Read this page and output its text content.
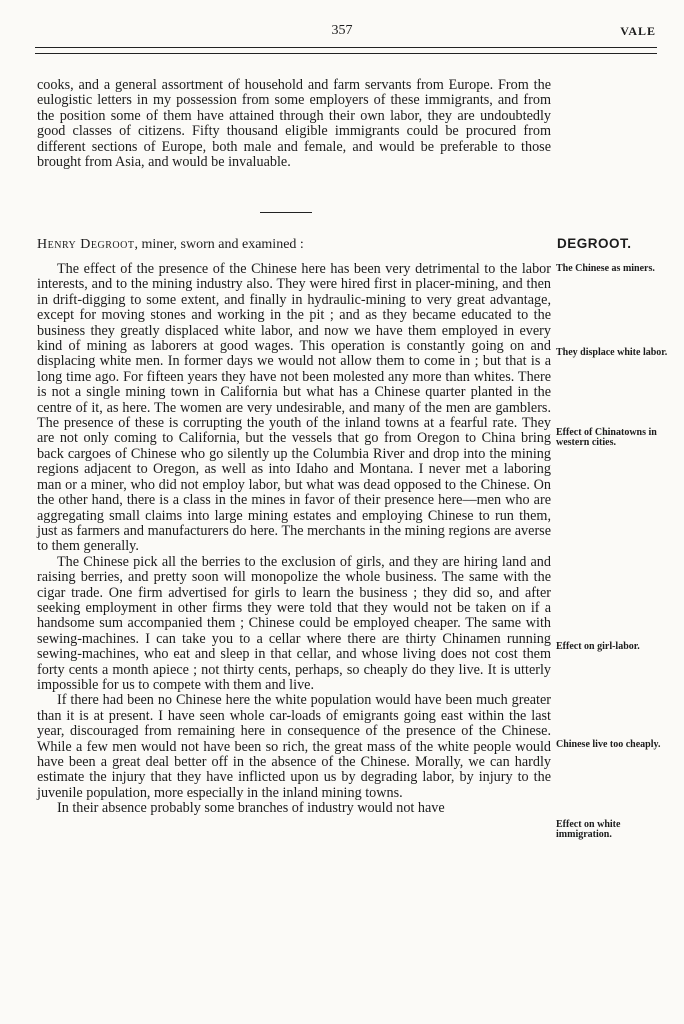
357	VALE

cooks, and a general assortment of household and farm servants from Europe. From the eulogistic letters in my possession from some employers of these immigrants, and from the position some of them have attained through their own labor, they are undoubtedly good classes of citizens. Fifty thousand eligible immigrants could be procured from different sections of Europe, both male and female, and would be preferable to those brought from Asia, and would be invaluable.

Henry Degroot, miner, sworn and examined :	DEGROOT.

The effect of the presence of the Chinese here has been very detrimental to the labor interests, and to the mining industry also. They were hired first in placer-mining, and then in drift-digging to some extent, and finally in hydraulic-mining to very great advantage, except for moving stones and working in the pit ; and as they became educated to the business they greatly displaced white labor, and now we have them employed in every kind of mining as laborers at good wages. This operation is constantly going on and displacing white men. In former days we would not allow them to come in ; but that is a long time ago. For fifteen years they have not been molested any more than whites. There is not a single mining town in California but what has a Chinese quarter planted in the centre of it, as here. The women are very undesirable, and many of the men are gamblers. The presence of these is corrupting the youth of the inland towns at a fearful rate. They are not only coming to California, but the vessels that go from Oregon to China bring back cargoes of Chinese who go silently up the Columbia River and drop into the mining regions adjacent to Oregon, as well as into Idaho and Montana. I never met a laboring man or a miner, who did not employ labor, but what was dead opposed to the Chinese. On the other hand, there is a class in the mines in favor of their presence here—men who are aggregating small claims into large mining estates and employing Chinese to run them, just as farmers and manufacturers do here. The merchants in the mining regions are averse to them generally.

The Chinese pick all the berries to the exclusion of girls, and they are hiring land and raising berries, and pretty soon will monopolize the whole business. The same with the cigar trade. One firm advertised for girls to learn the business ; they did so, and after seeking employment in other firms they were told that they would not be taken on if a handsome sum accompanied them ; Chinese could be employed cheaper. The same with sewing-machines. I can take you to a cellar where there are thirty Chinamen running sewing-machines, who eat and sleep in that cellar, and whose living does not cost them forty cents a month apiece ; not thirty cents, perhaps, so cheaply do they live. It is utterly impossible for us to compete with them and live.

If there had been no Chinese here the white population would have been much greater than it is at present. I have seen whole car-loads of emigrants going east within the last year, discouraged from remaining here in consequence of the presence of the Chinese. While a few men would not have been so rich, the great mass of the white people would have been a great deal better off in the absence of the Chinese. Morally, we can hardly estimate the injury that they have inflicted upon us by degrading labor, by injury to the juvenile population, more especially in the inland mining towns.

In their absence probably some branches of industry would not have

The Chinese as miners.
They displace white labor.
Effect of Chinatowns in western cities.
Effect on girl-labor.
Chinese live too cheaply.
Effect on white immigration.
